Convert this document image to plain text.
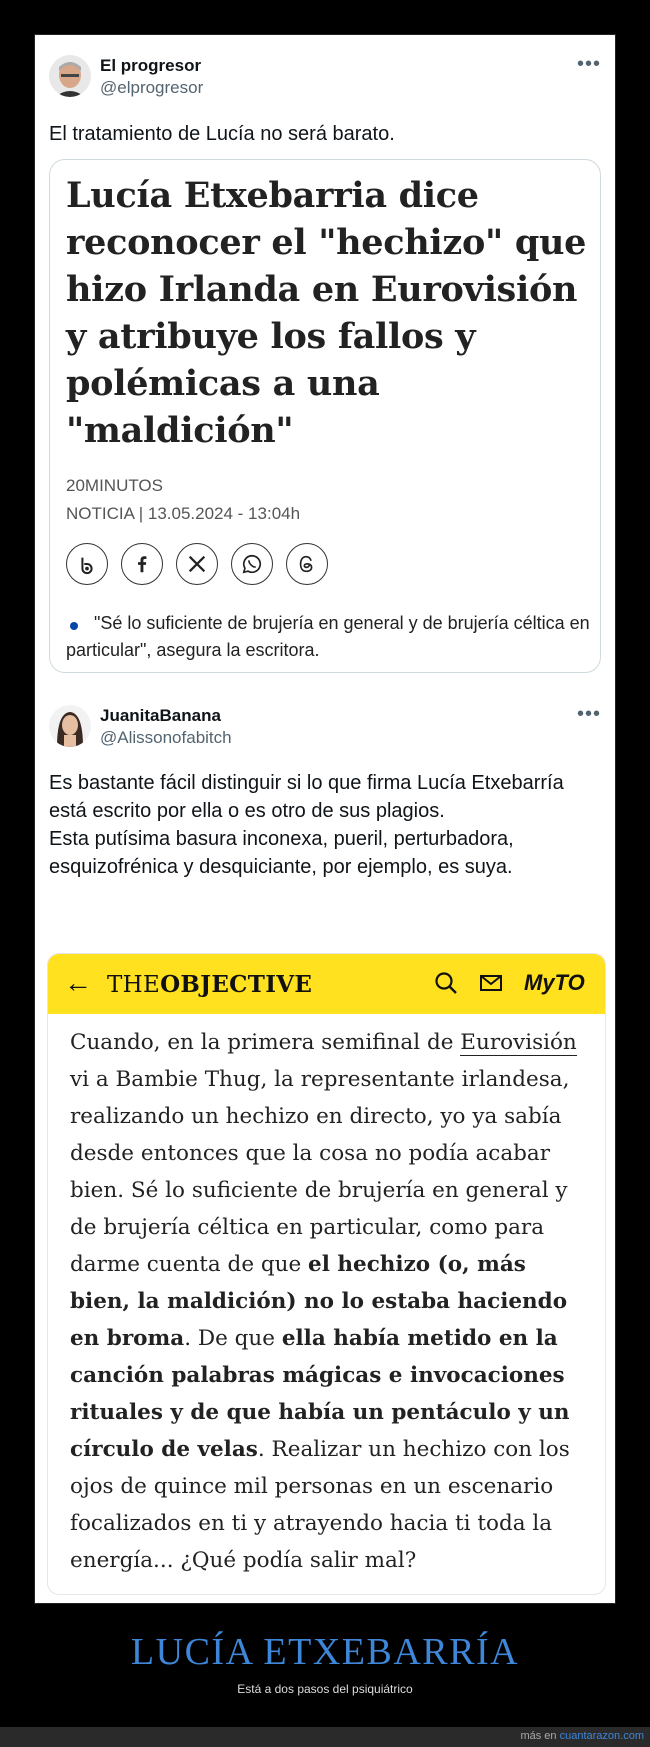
El progresor
@elprogresor
•••
El tratamiento de Lucía no será barato.
Lucía Etxebarria dice reconocer el "hechizo" que hizo Irlanda en Eurovisión y atribuye los fallos y polémicas a una "maldición"
20MINUTOS
NOTICIA | 13.05.2024 - 13:04h
"Sé lo suficiente de brujería en general y de brujería céltica en particular", asegura la escritora.
JuanitaBanana
@Alissonofabitch
•••
Es bastante fácil distinguir si lo que firma Lucía Etxebarría está escrito por ella o es otro de sus plagios.
Esta putísima basura inconexa, pueril, perturbadora, esquizofrénica y desquiciante, por ejemplo, es suya.
← THEOBJECTIVE	MyTO
Cuando, en la primera semifinal de Eurovisión vi a Bambie Thug, la representante irlandesa, realizando un hechizo en directo, yo ya sabía desde entonces que la cosa no podía acabar bien. Sé lo suficiente de brujería en general y de brujería céltica en particular, como para darme cuenta de que el hechizo (o, más bien, la maldición) no lo estaba haciendo en broma. De que ella había metido en la canción palabras mágicas e invocaciones rituales y de que había un pentáculo y un círculo de velas. Realizar un hechizo con los ojos de quince mil personas en un escenario focalizados en ti y atrayendo hacia ti toda la energía... ¿Qué podía salir mal?
LUCÍA ETXEBARRÍA
Está a dos pasos del psiquiátrico
más en cuantarazon.com
